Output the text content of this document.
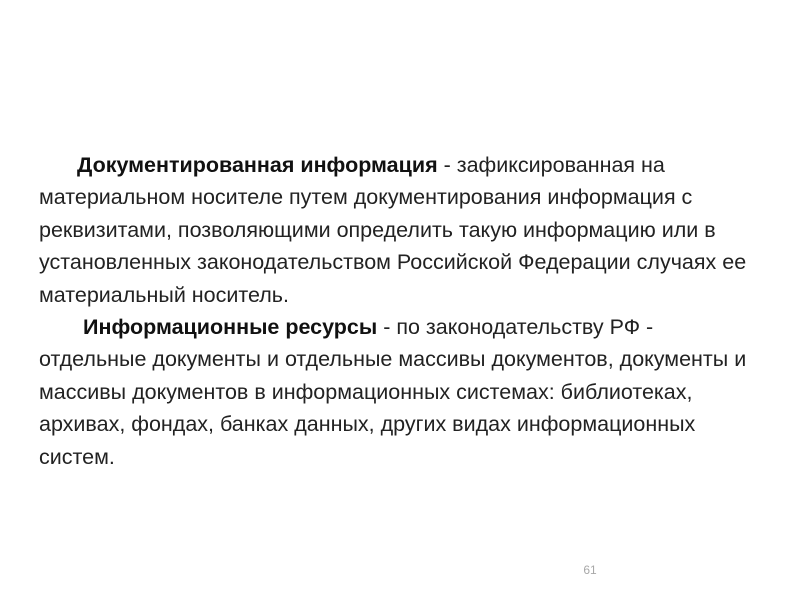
Документированная информация - зафиксированная на материальном носителе путем документирования информация с реквизитами, позволяющими определить такую информацию или в установленных законодательством Российской Федерации случаях ее материальный носитель.

Информационные ресурсы - по законодательству РФ - отдельные документы и отдельные массивы документов, документы и массивы документов в информационных системах: библиотеках, архивах, фондах, банках данных, других видах информационных систем.

61
